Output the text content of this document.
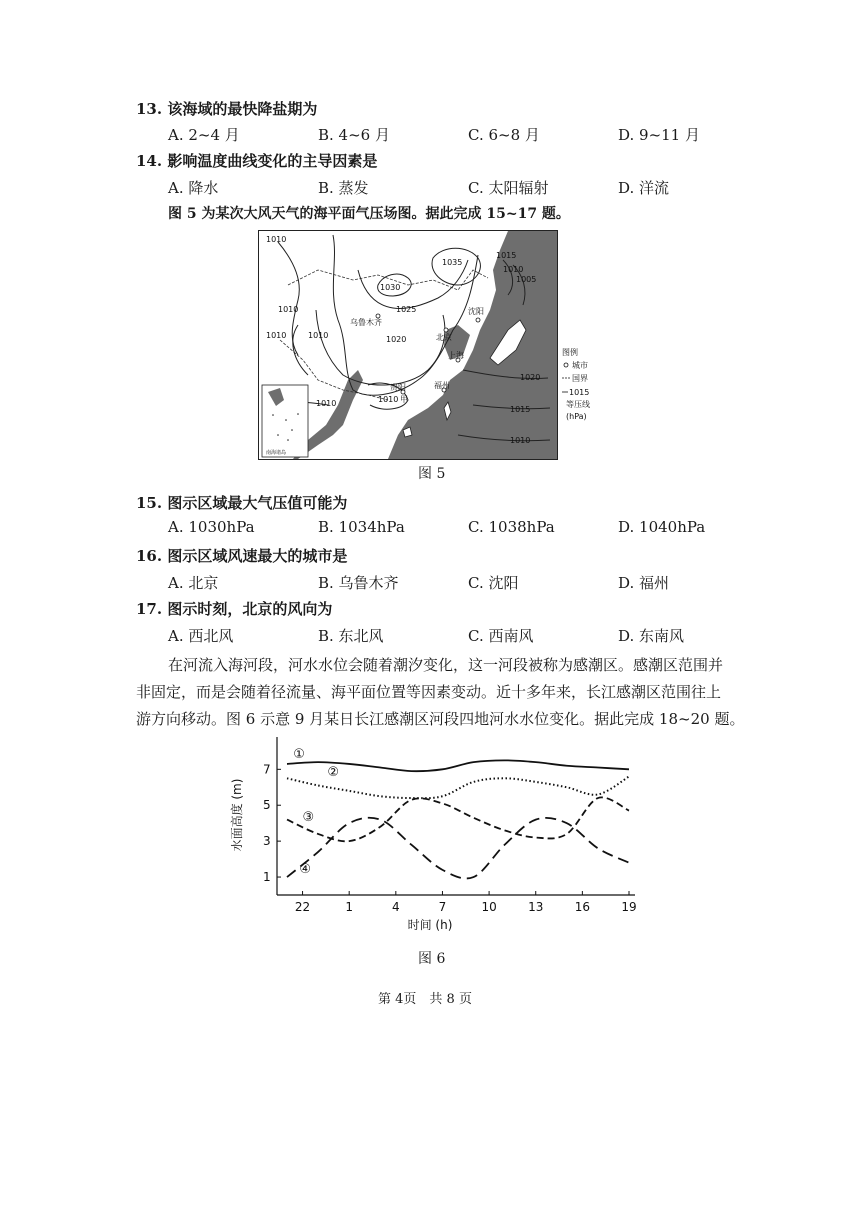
13. 该海域的最快降盐期为
A. 2~4 月	B. 4~6 月	C. 6~8 月	D. 9~11 月
14. 影响温度曲线变化的主导因素是
A. 降水	B. 蒸发	C. 太阳辐射	D. 洋流
图 5 为某次大风天气的海平面气压场图。据此完成 15~17 题。
1010
1035
1015
1010
1005
1030
1010	1025
1010	1010	1020
1010	1010
1020
1015
1010
乌鲁木齐
沈阳
北京
上海
贵阳	福州
甲
南海诸岛
图例
城市
国界
1015
等压线
(hPa)
图 5
15. 图示区域最大气压值可能为
A. 1030hPa	B. 1034hPa	C. 1038hPa	D. 1040hPa
16. 图示区域风速最大的城市是
A. 北京	B. 乌鲁木齐	C. 沈阳	D. 福州
17. 图示时刻，北京的风向为
A. 西北风	B. 东北风	C. 西南风	D. 东南风
在河流入海河段，河水水位会随着潮汐变化，这一河段被称为感潮区。感潮区范围并
非固定，而是会随着径流量、海平面位置等因素变动。近十多年来，长江感潮区范围往上
游方向移动。图 6 示意 9 月某日长江感潮区河段四地河水水位变化。据此完成 18~20 题。
1
3
5
7
22	1	4	7	10	13	16	19
①
②
③
④
水面高度 (m)
时间 (h)
图 6
第 4页　共 8 页
